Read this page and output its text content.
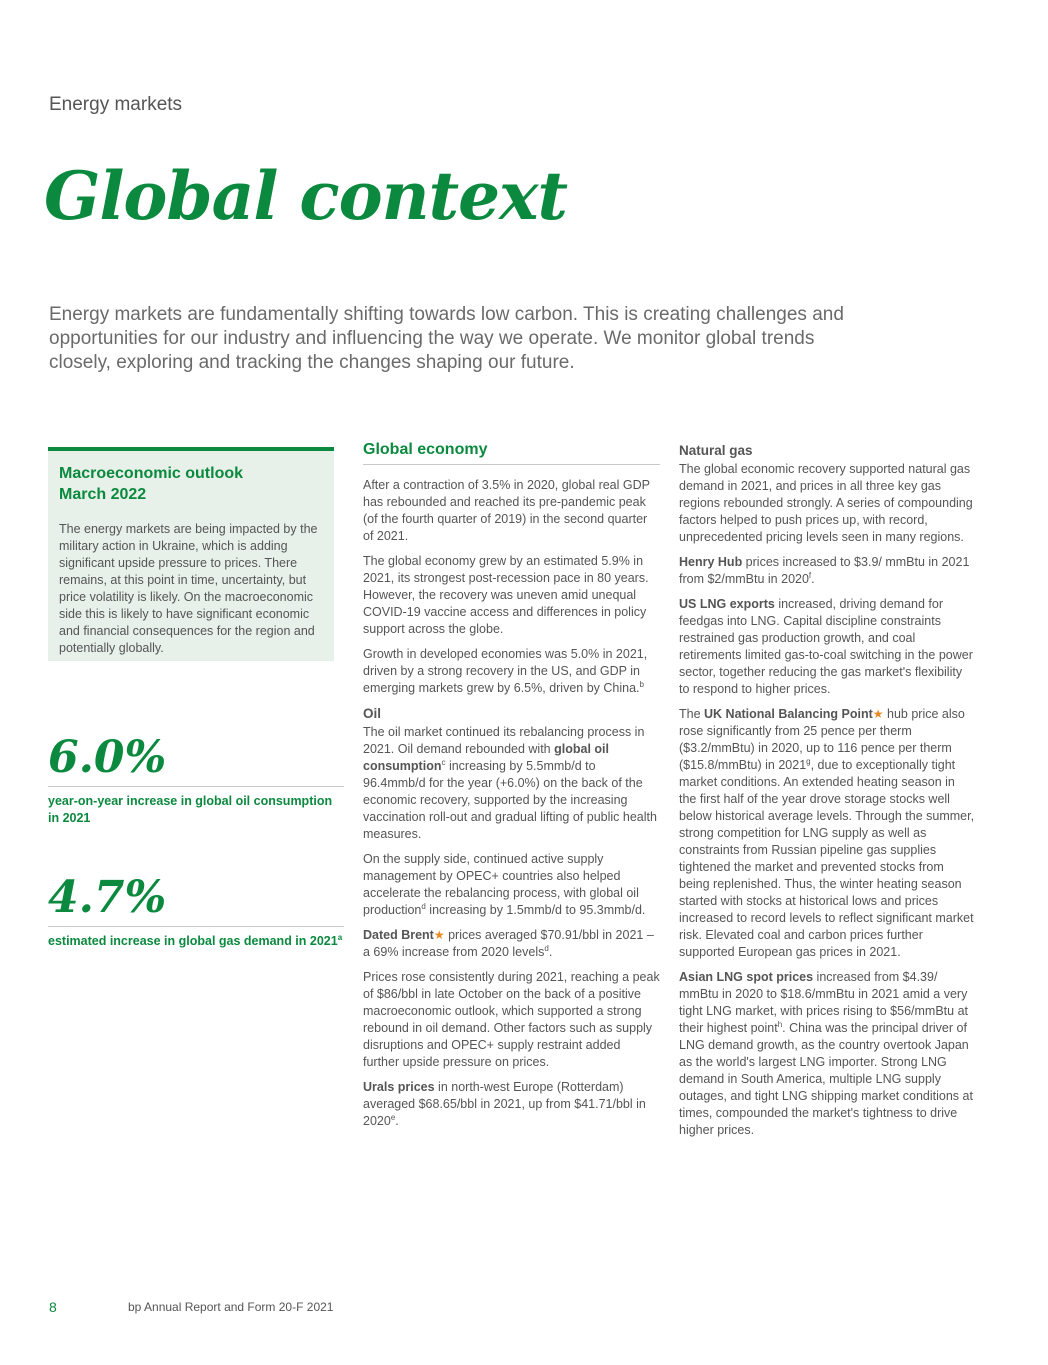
Energy markets
Global context

Energy markets are fundamentally shifting towards low carbon. This is creating challenges and opportunities for our industry and influencing the way we operate. We monitor global trends closely, exploring and tracking the changes shaping our future.

Macroeconomic outlook
March 2022

The energy markets are being impacted by the military action in Ukraine, which is adding significant upside pressure to prices. There remains, at this point in time, uncertainty, but price volatility is likely. On the macroeconomic side this is likely to have significant economic and financial consequences for the region and potentially globally.

6.0%
year-on-year increase in global oil consumption in 2021
4.7%
estimated increase in global gas demand in 2021$^a$
Global economy

After a contraction of 3.5% in 2020, global real GDP has rebounded and reached its pre-pandemic peak (of the fourth quarter of 2019) in the second quarter of 2021.

The global economy grew by an estimated 5.9% in 2021, its strongest post-recession pace in 80 years. However, the recovery was uneven amid unequal COVID-19 vaccine access and differences in policy support across the globe.

Growth in developed economies was 5.0% in 2021, driven by a strong recovery in the US, and GDP in emerging markets grew by 6.5%, driven by China.$^b$

Oil

The oil market continued its rebalancing process in 2021. Oil demand rebounded with global oil consumption$^c$ increasing by 5.5mmb/d to 96.4mmb/d for the year (+6.0%) on the back of the economic recovery, supported by the increasing vaccination roll-out and gradual lifting of public health measures.

On the supply side, continued active supply management by OPEC+ countries also helped accelerate the rebalancing process, with global oil production$^d$ increasing by 1.5mmb/d to 95.3mmb/d.

Dated Brent★ prices averaged $70.91/bbl in 2021 – a 69% increase from 2020 levels$^d$.

Prices rose consistently during 2021, reaching a peak of $86/bbl in late October on the back of a positive macroeconomic outlook, which supported a strong rebound in oil demand. Other factors such as supply disruptions and OPEC+ supply restraint added further upside pressure on prices.

Urals prices in north-west Europe (Rotterdam) averaged $68.65/bbl in 2021, up from $41.71/bbl in 2020e.

Natural gas

The global economic recovery supported natural gas demand in 2021, and prices in all three key gas regions rebounded strongly. A series of compounding factors helped to push prices up, with record, unprecedented pricing levels seen in many regions.

Henry Hub prices increased to $3.9/ mmBtu in 2021 from $2/mmBtu in 2020$^f$.

US LNG exports increased, driving demand for feedgas into LNG. Capital discipline constraints restrained gas production growth, and coal retirements limited gas-to-coal switching in the power sector, together reducing the gas market's flexibility to respond to higher prices.

The UK National Balancing Point★ hub price also rose significantly from 25 pence per therm ($3.2/mmBtu) in 2020, up to 116 pence per therm ($15.8/mmBtu) in 2021$^g$, due to exceptionally tight market conditions. An extended heating season in the first half of the year drove storage stocks well below historical average levels. Through the summer, strong competition for LNG supply as well as constraints from Russian pipeline gas supplies tightened the market and prevented stocks from being replenished. Thus, the winter heating season started with stocks at historical lows and prices increased to record levels to reflect significant market risk. Elevated coal and carbon prices further supported European gas prices in 2021.

Asian LNG spot prices increased from $4.39/ mmBtu in 2020 to $18.6/mmBtu in 2021 amid a very tight LNG market, with prices rising to $56/mmBtu at their highest point$^h$. China was the principal driver of LNG demand growth, as the country overtook Japan as the world's largest LNG importer. Strong LNG demand in South America, multiple LNG supply outages, and tight LNG shipping market conditions at times, compounded the market's tightness to drive higher prices.

8	bp Annual Report and Form 20-F 2021
